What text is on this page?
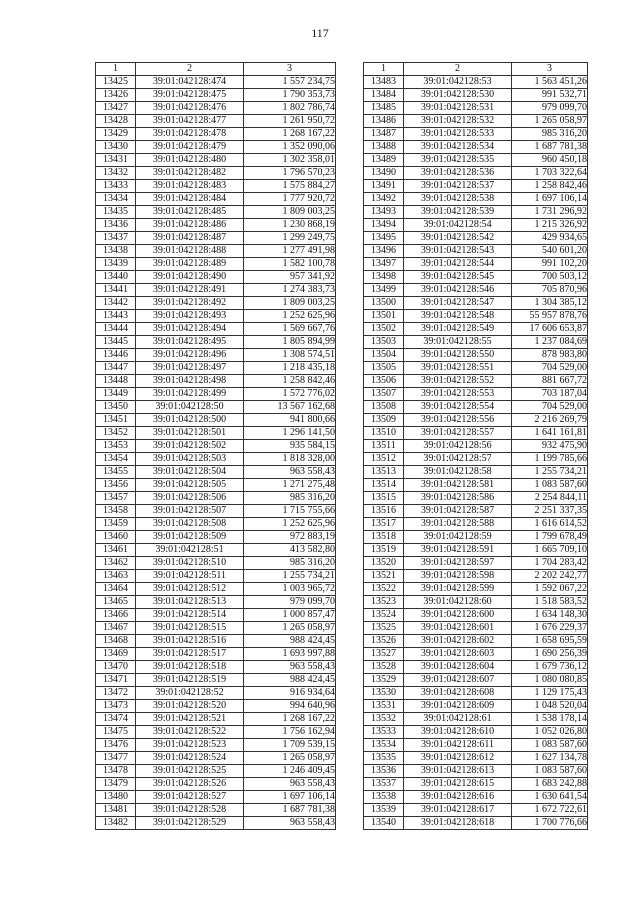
117
1	2	3
13425	39:01:042128:474	1 557 234,75
13426	39:01:042128:475	1 790 353,73
13427	39:01:042128:476	1 802 786,74
13428	39:01:042128:477	1 261 950,72
13429	39:01:042128:478	1 268 167,22
13430	39:01:042128:479	1 352 090,06
13431	39:01:042128:480	1 302 358,01
13432	39:01:042128:482	1 796 570,23
13433	39:01:042128:483	1 575 884,27
13434	39:01:042128:484	1 777 920,72
13435	39:01:042128:485	1 809 003,25
13436	39:01:042128:486	1 230 868,19
13437	39:01:042128:487	1 299 249,75
13438	39:01:042128:488	1 277 491,98
13439	39:01:042128:489	1 582 100,78
13440	39:01:042128:490	957 341,92
13441	39:01:042128:491	1 274 383,73
13442	39:01:042128:492	1 809 003,25
13443	39:01:042128:493	1 252 625,96
13444	39:01:042128:494	1 569 667,76
13445	39:01:042128:495	1 805 894,99
13446	39:01:042128:496	1 308 574,51
13447	39:01:042128:497	1 218 435,18
13448	39:01:042128:498	1 258 842,46
13449	39:01:042128:499	1 572 776,02
13450	39:01:042128:50	13 567 162,68
13451	39:01:042128:500	941 800,66
13452	39:01:042128:501	1 296 141,50
13453	39:01:042128:502	935 584,15
13454	39:01:042128:503	1 818 328,00
13455	39:01:042128:504	963 558,43
13456	39:01:042128:505	1 271 275,48
13457	39:01:042128:506	985 316,20
13458	39:01:042128:507	1 715 755,66
13459	39:01:042128:508	1 252 625,96
13460	39:01:042128:509	972 883,19
13461	39:01:042128:51	413 582,80
13462	39:01:042128:510	985 316,20
13463	39:01:042128:511	1 255 734,21
13464	39:01:042128:512	1 003 965,72
13465	39:01:042128:513	979 099,70
13466	39:01:042128:514	1 000 857,47
13467	39:01:042128:515	1 265 058,97
13468	39:01:042128:516	988 424,45
13469	39:01:042128:517	1 693 997,88
13470	39:01:042128:518	963 558,43
13471	39:01:042128:519	988 424,45
13472	39:01:042128:52	916 934,64
13473	39:01:042128:520	994 640,96
13474	39:01:042128:521	1 268 167,22
13475	39:01:042128:522	1 756 162,94
13476	39:01:042128:523	1 709 539,15
13477	39:01:042128:524	1 265 058,97
13478	39:01:042128:525	1 246 409,45
13479	39:01:042128:526	963 558,43
13480	39:01:042128:527	1 697 106,14
13481	39:01:042128:528	1 687 781,38
13482	39:01:042128:529	963 558,43
1	2	3
13483	39:01:042128:53	1 563 451,26
13484	39:01:042128:530	991 532,71
13485	39:01:042128:531	979 099,70
13486	39:01:042128:532	1 265 058,97
13487	39:01:042128:533	985 316,20
13488	39:01:042128:534	1 687 781,38
13489	39:01:042128:535	960 450,18
13490	39:01:042128:536	1 703 322,64
13491	39:01:042128:537	1 258 842,46
13492	39:01:042128:538	1 697 106,14
13493	39:01:042128:539	1 731 296,92
13494	39:01:042128:54	1 215 326,92
13495	39:01:042128:542	429 934,65
13496	39:01:042128:543	540 601,20
13497	39:01:042128:544	991 102,20
13498	39:01:042128:545	700 503,12
13499	39:01:042128:546	705 870,96
13500	39:01:042128:547	1 304 385,12
13501	39:01:042128:548	55 957 878,76
13502	39:01:042128:549	17 606 653,87
13503	39:01:042128:55	1 237 084,69
13504	39:01:042128:550	878 983,80
13505	39:01:042128:551	704 529,00
13506	39:01:042128:552	881 667,72
13507	39:01:042128:553	703 187,04
13508	39:01:042128:554	704 529,00
13509	39:01:042128:556	2 216 269,79
13510	39:01:042128:557	1 641 161,81
13511	39:01:042128:56	932 475,90
13512	39:01:042128:57	1 199 785,66
13513	39:01:042128:58	1 255 734,21
13514	39:01:042128:581	1 083 587,60
13515	39:01:042128:586	2 254 844,11
13516	39:01:042128:587	2 251 337,35
13517	39:01:042128:588	1 616 614,52
13518	39:01:042128:59	1 799 678,49
13519	39:01:042128:591	1 665 709,10
13520	39:01:042128:597	1 704 283,42
13521	39:01:042128:598	2 202 242,77
13522	39:01:042128:599	1 592 067,22
13523	39:01:042128:60	1 518 583,52
13524	39:01:042128:600	1 634 148,30
13525	39:01:042128:601	1 676 229,37
13526	39:01:042128:602	1 658 695,59
13527	39:01:042128:603	1 690 256,39
13528	39:01:042128:604	1 679 736,12
13529	39:01:042128:607	1 080 080,85
13530	39:01:042128:608	1 129 175,43
13531	39:01:042128:609	1 048 520,04
13532	39:01:042128:61	1 538 178,14
13533	39:01:042128:610	1 052 026,80
13534	39:01:042128:611	1 083 587,60
13535	39:01:042128:612	1 627 134,78
13536	39:01:042128:613	1 083 587,60
13537	39:01:042128:615	1 683 242,88
13538	39:01:042128:616	1 630 641,54
13539	39:01:042128:617	1 672 722,61
13540	39:01:042128:618	1 700 776,66
